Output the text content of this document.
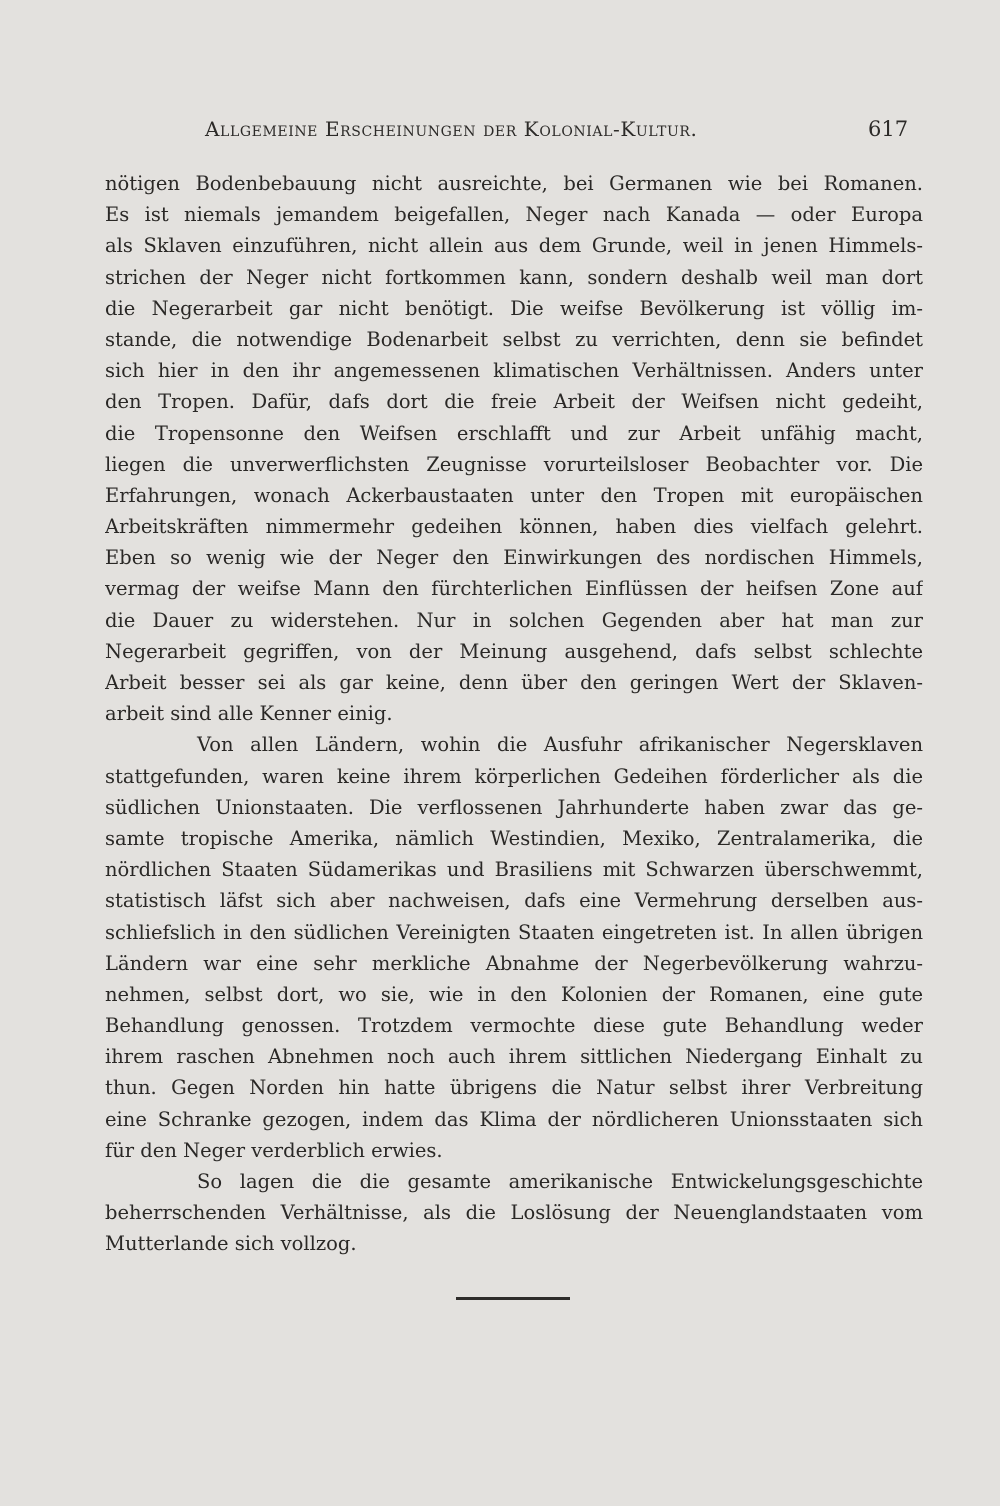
Allgemeine Erscheinungen der Kolonial-Kultur.	617
nötigen Bodenbebauung nicht ausreichte, bei Germanen wie bei Romanen.
Es ist niemals jemandem beigefallen, Neger nach Kanada — oder Europa
als Sklaven einzuführen, nicht allein aus dem Grunde, weil in jenen Himmels-
strichen der Neger nicht fortkommen kann, sondern deshalb weil man dort
die Negerarbeit gar nicht benötigt. Die weifse Bevölkerung ist völlig im-
stande, die notwendige Bodenarbeit selbst zu verrichten, denn sie befindet
sich hier in den ihr angemessenen klimatischen Verhältnissen. Anders unter
den Tropen. Dafür, dafs dort die freie Arbeit der Weifsen nicht gedeiht,
die Tropensonne den Weifsen erschlafft und zur Arbeit unfähig macht,
liegen die unverwerflichsten Zeugnisse vorurteilsloser Beobachter vor. Die
Erfahrungen, wonach Ackerbaustaaten unter den Tropen mit europäischen
Arbeitskräften nimmermehr gedeihen können, haben dies vielfach gelehrt.
Eben so wenig wie der Neger den Einwirkungen des nordischen Himmels,
vermag der weifse Mann den fürchterlichen Einflüssen der heifsen Zone auf
die Dauer zu widerstehen. Nur in solchen Gegenden aber hat man zur
Negerarbeit gegriffen, von der Meinung ausgehend, dafs selbst schlechte
Arbeit besser sei als gar keine, denn über den geringen Wert der Sklaven-
arbeit sind alle Kenner einig.
Von allen Ländern, wohin die Ausfuhr afrikanischer Negersklaven
stattgefunden, waren keine ihrem körperlichen Gedeihen förderlicher als die
südlichen Unionstaaten. Die verflossenen Jahrhunderte haben zwar das ge-
samte tropische Amerika, nämlich Westindien, Mexiko, Zentralamerika, die
nördlichen Staaten Südamerikas und Brasiliens mit Schwarzen überschwemmt,
statistisch läfst sich aber nachweisen, dafs eine Vermehrung derselben aus-
schliefslich in den südlichen Vereinigten Staaten eingetreten ist. In allen übrigen
Ländern war eine sehr merkliche Abnahme der Negerbevölkerung wahrzu-
nehmen, selbst dort, wo sie, wie in den Kolonien der Romanen, eine gute
Behandlung genossen. Trotzdem vermochte diese gute Behandlung weder
ihrem raschen Abnehmen noch auch ihrem sittlichen Niedergang Einhalt zu
thun. Gegen Norden hin hatte übrigens die Natur selbst ihrer Verbreitung
eine Schranke gezogen, indem das Klima der nördlicheren Unionsstaaten sich
für den Neger verderblich erwies.
So lagen die die gesamte amerikanische Entwickelungsgeschichte
beherrschenden Verhältnisse, als die Loslösung der Neuenglandstaaten vom
Mutterlande sich vollzog.
